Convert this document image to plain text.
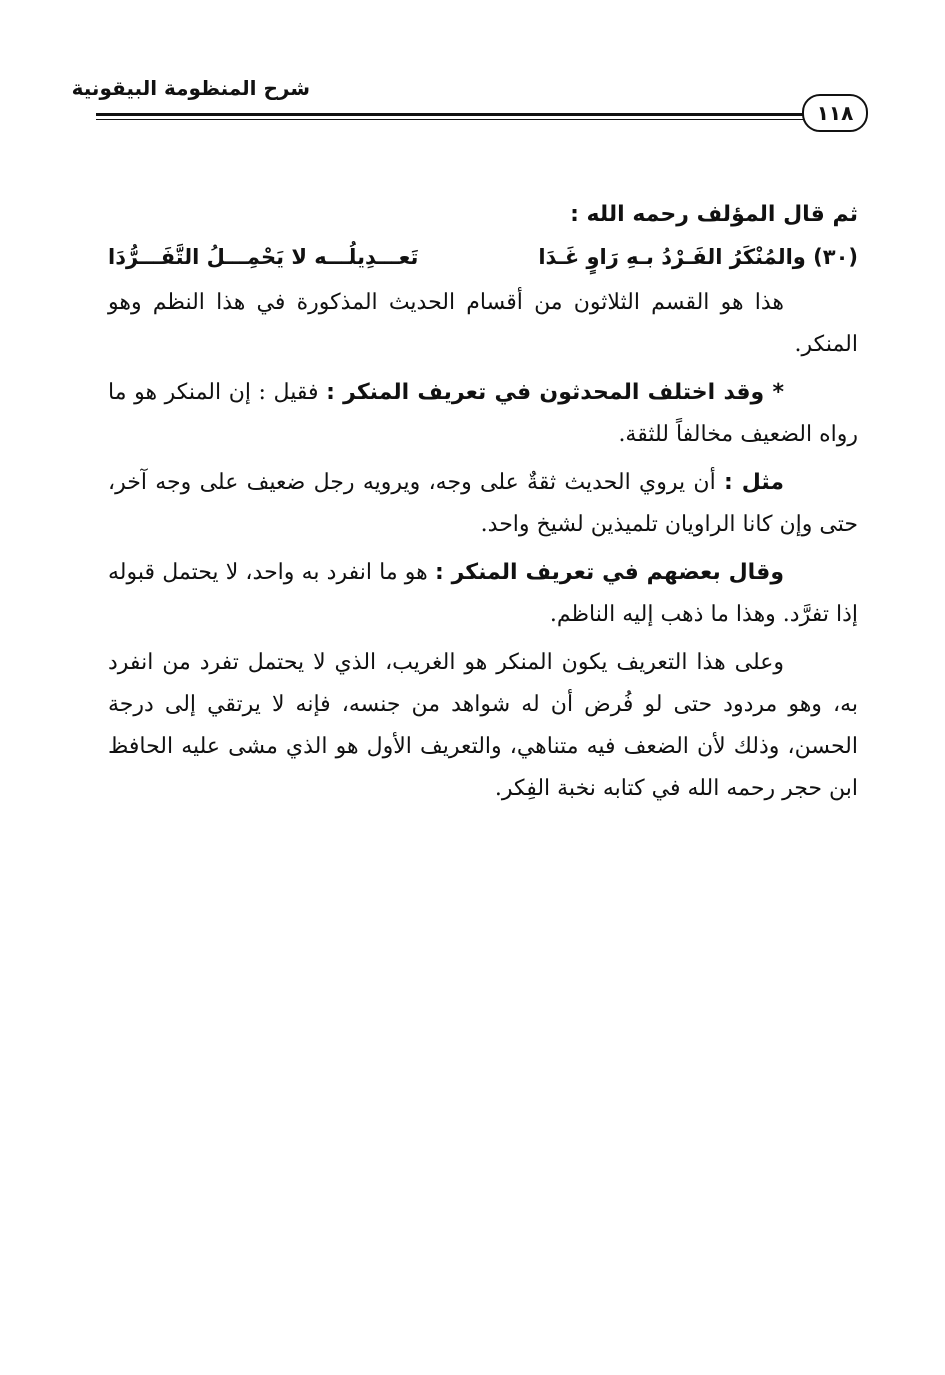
شرح المنظومة البيقونية
١١٨

ثم قال المؤلف رحمه الله :

(٣٠) والمُنْكَرُ الفَـرْدُ بـهِ رَاوٍ غَـدَا
تَعـــدِيلُـــه لا يَحْمِـــلُ التَّفَـــرُّدَا

هذا هو القسم الثلاثون من أقسام الحديث المذكورة في هذا النظم وهو المنكر.

* وقد اختلف المحدثون في تعريف المنكر : فقيل : إن المنكر هو ما رواه الضعيف مخالفاً للثقة.

مثل : أن يروي الحديث ثقةٌ على وجه، ويرويه رجل ضعيف على وجه آخر، حتى وإن كانا الراويان تلميذين لشيخ واحد.

وقال بعضهم في تعريف المنكر : هو ما انفرد به واحد، لا يحتمل قبوله إذا تفرَّد. وهذا ما ذهب إليه الناظم.

وعلى هذا التعريف يكون المنكر هو الغريب، الذي لا يحتمل تفرد من انفرد به، وهو مردود حتى لو فُرض أن له شواهد من جنسه، فإنه لا يرتقي إلى درجة الحسن، وذلك لأن الضعف فيه متناهي، والتعريف الأول هو الذي مشى عليه الحافظ ابن حجر رحمه الله في كتابه نخبة الفِكر.
